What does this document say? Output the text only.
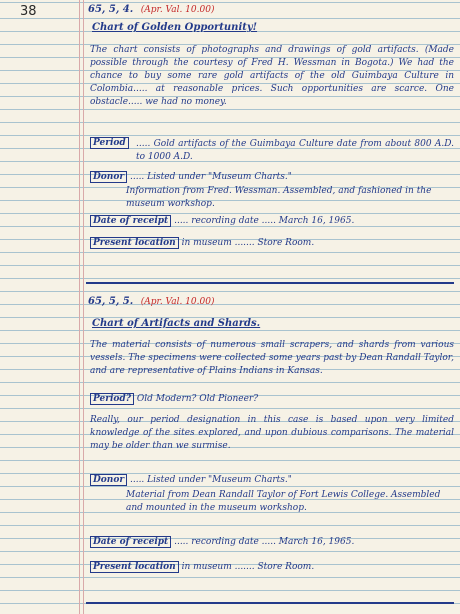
38	65, 5, 4. (Apr. Val. 10.00)
Chart of Golden Opportunity!
The chart consists of photographs and drawings of gold artifacts. (Made possible through the courtesy of Fred H. Wessman in Bogota.) We had the chance to buy some rare gold artifacts of the old Guimbaya Culture in Colombia..... at reasonable prices. Such opportunities are scarce. One obstacle..... we had no money.
Period	..... Gold artifacts of the Guimbaya Culture date from about 800 A.D. to 1000 A.D.
Donor ..... Listed under "Museum Charts."
Information from Fred. Wessman. Assembled, and fashioned in the museum workshop.
Date of receipt ..... recording date ..... March 16, 1965.
Present location in museum ....... Store Room.
65, 5, 5. (Apr. Val. 10.00)
Chart of Artifacts and Shards.
The material consists of numerous small scrapers, and shards from various vessels. The specimens were collected some years past by Dean Randall Taylor, and are representative of Plains Indians in Kansas.
Period? Old Modern? Old Pioneer?
Really, our period designation in this case is based upon very limited knowledge of the sites explored, and upon dubious comparisons. The material may be older than we surmise.
Donor ..... Listed under "Museum Charts."
Material from Dean Randall Taylor of Fort Lewis College. Assembled and mounted in the museum workshop.
Date of receipt ..... recording date ..... March 16, 1965.
Present location in museum ....... Store Room.
